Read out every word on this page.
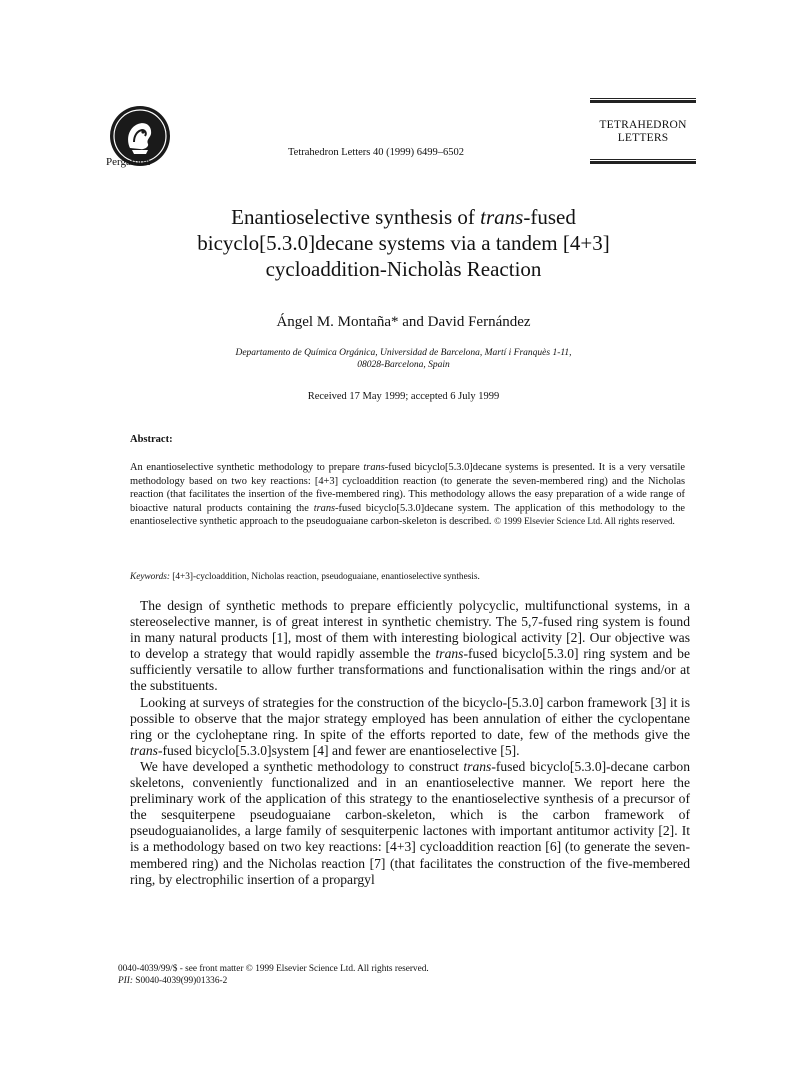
Pergamon
Tetrahedron Letters 40 (1999) 6499–6502
TETRAHEDRON
LETTERS
Enantioselective synthesis of trans-fused
bicyclo[5.3.0]decane systems via a tandem [4+3]
cycloaddition-Nicholàs Reaction
Ángel M. Montaña* and David Fernández
Departamento de Química Orgánica, Universidad de Barcelona, Martí i Franquès 1-11,
08028-Barcelona, Spain
Received 17 May 1999; accepted 6 July 1999
Abstract:
An enantioselective synthetic methodology to prepare trans-fused bicyclo[5.3.0]decane systems is presented. It is a very versatile methodology based on two key reactions: [4+3] cycloaddition reaction (to generate the seven-membered ring) and the Nicholas reaction (that facilitates the insertion of the five-membered ring). This methodology allows the easy preparation of a wide range of bioactive natural products containing the trans-fused bicyclo[5.3.0]decane system. The application of this methodology to the enantioselective synthetic approach to the pseudoguaiane carbon-skeleton is described. © 1999 Elsevier Science Ltd. All rights reserved.
Keywords: [4+3]-cycloaddition, Nicholas reaction, pseudoguaiane, enantioselective synthesis.

The design of synthetic methods to prepare efficiently polycyclic, multifunctional systems, in a stereoselective manner, is of great interest in synthetic chemistry. The 5,7-fused ring system is found in many natural products [1], most of them with interesting biological activity [2]. Our objective was to develop a strategy that would rapidly assemble the trans-fused bicyclo[5.3.0] ring system and be sufficiently versatile to allow further transformations and functionalisation within the rings and/or at the substituents.

Looking at surveys of strategies for the construction of the bicyclo-[5.3.0] carbon framework [3] it is possible to observe that the major strategy employed has been annulation of either the cyclopentane ring or the cycloheptane ring. In spite of the efforts reported to date, few of the methods give the trans-fused bicyclo[5.3.0]system [4] and fewer are enantioselective [5].

We have developed a synthetic methodology to construct trans-fused bicyclo[5.3.0]-decane carbon skeletons, conveniently functionalized and in an enantioselective manner. We report here the preliminary work of the application of this strategy to the enantioselective synthesis of a precursor of the sesquiterpene pseudoguaiane carbon-skeleton, which is the carbon framework of pseudoguaianolides, a large family of sesquiterpenic lactones with important antitumor activity [2]. It is a methodology based on two key reactions: [4+3] cycloaddition reaction [6] (to generate the seven-membered ring) and the Nicholas reaction [7] (that facilitates the construction of the five-membered ring, by electrophilic insertion of a propargyl

0040-4039/99/$ - see front matter © 1999 Elsevier Science Ltd. All rights reserved.
PII: S0040-4039(99)01336-2
